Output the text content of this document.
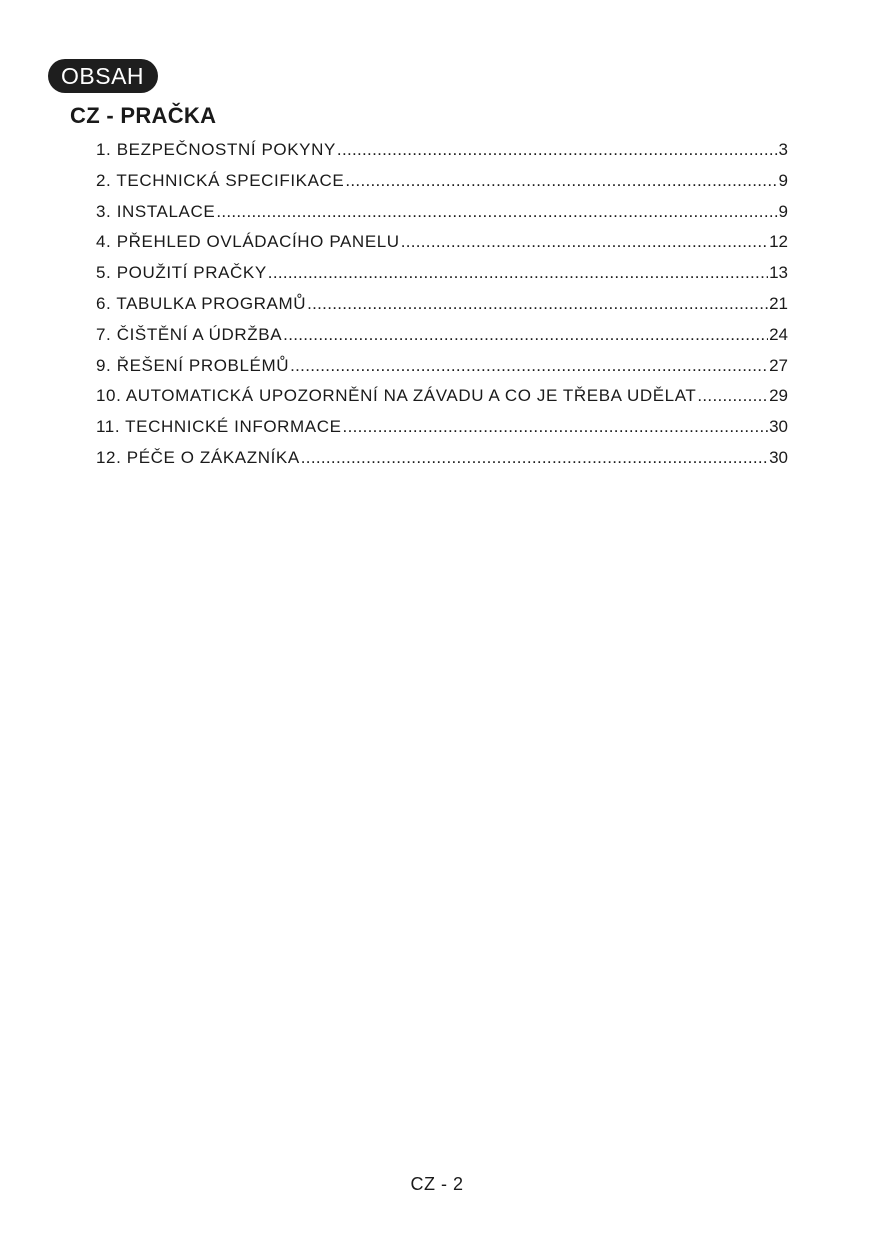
OBSAH
CZ - PRAČKA
1. BEZPEČNOSTNÍ POKYNY .....	3
2. TECHNICKÁ SPECIFIKACE .....	9
3. INSTALACE .....	9
4. PŘEHLED OVLÁDACÍHO PANELU .....	12
5. POUŽITÍ PRAČKY .....	13
6. TABULKA PROGRAMŮ .....	21
7. ČIŠTĚNÍ A ÚDRŽBA .....	24
9. ŘEŠENÍ PROBLÉMŮ .....	27
10. AUTOMATICKÁ UPOZORNĚNÍ NA ZÁVADU A CO JE TŘEBA UDĚLAT .....	29
11. TECHNICKÉ INFORMACE .....	30
12. PÉČE O ZÁKAZNÍKA .....	30
CZ - 2
